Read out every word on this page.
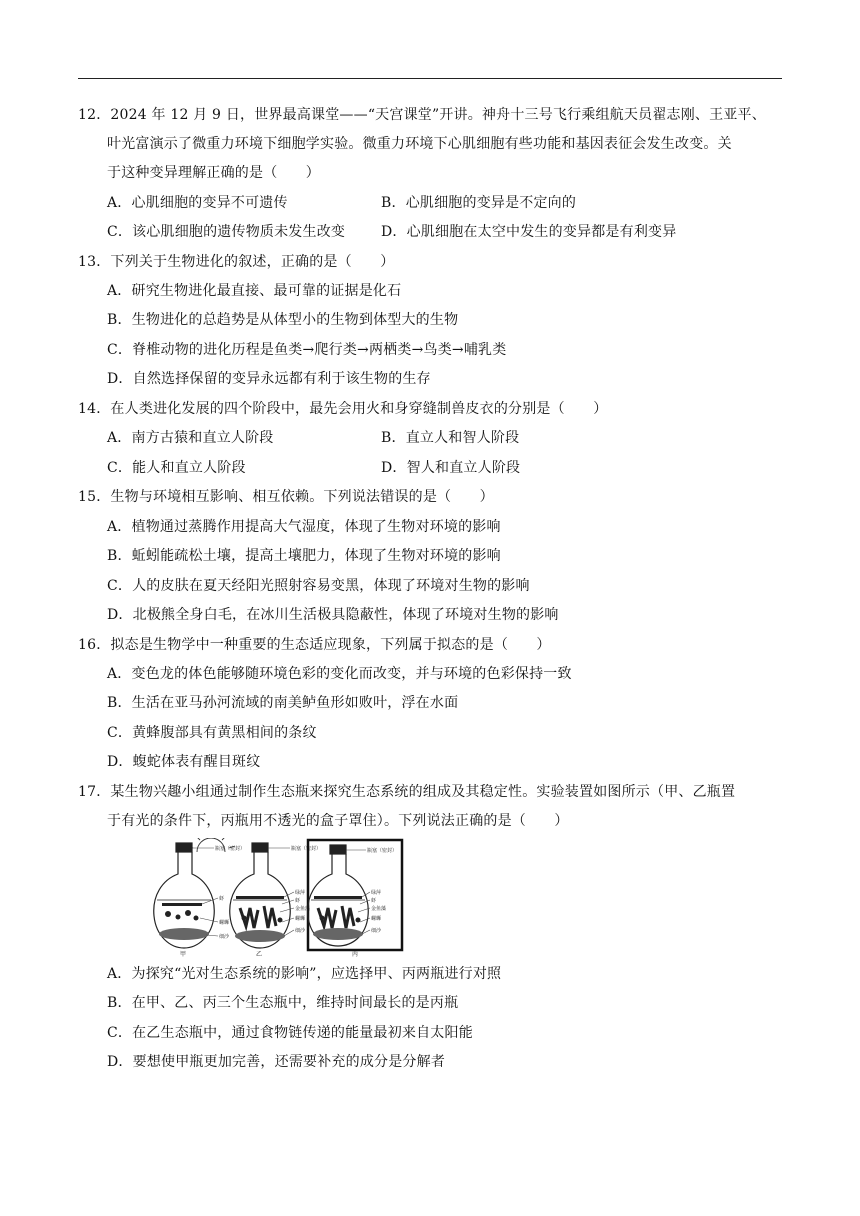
12．2024 年 12 月 9 日，世界最高课堂——“天宫课堂”开讲。神舟十三号飞行乘组航天员翟志刚、王亚平、
叶光富演示了微重力环境下细胞学实验。微重力环境下心肌细胞有些功能和基因表征会发生改变。关
于这种变异理解正确的是（　　）
A．心肌细胞的变异不可遗传	B．心肌细胞的变异是不定向的
C．该心肌细胞的遗传物质未发生改变	D．心肌细胞在太空中发生的变异都是有利变异
13．下列关于生物进化的叙述，正确的是（　　）
A．研究生物进化最直接、最可靠的证据是化石
B．生物进化的总趋势是从体型小的生物到体型大的生物
C．脊椎动物的进化历程是鱼类→爬行类→两栖类→鸟类→哺乳类
D．自然选择保留的变异永远都有利于该生物的生存
14．在人类进化发展的四个阶段中，最先会用火和身穿缝制兽皮衣的分别是（　　）
A．南方古猿和直立人阶段	B．直立人和智人阶段
C．能人和直立人阶段	D．智人和直立人阶段
15．生物与环境相互影响、相互依赖。下列说法错误的是（　　）
A．植物通过蒸腾作用提高大气湿度，体现了生物对环境的影响
B．蚯蚓能疏松土壤，提高土壤肥力，体现了生物对环境的影响
C．人的皮肤在夏天经阳光照射容易变黑，体现了环境对生物的影响
D．北极熊全身白毛，在冰川生活极具隐蔽性，体现了环境对生物的影响
16．拟态是生物学中一种重要的生态适应现象，下列属于拟态的是（　　）
A．变色龙的体色能够随环境色彩的变化而改变，并与环境的色彩保持一致
B．生活在亚马孙河流域的南美鲈鱼形如败叶，浮在水面
C．黄蜂腹部具有黄黑相间的条纹
D．蝮蛇体表有醒目斑纹
17．某生物兴趣小组通过制作生态瓶来探究生态系统的组成及其稳定性。实验装置如图所示（甲、乙瓶置
于有光的条件下，丙瓶用不透光的盒子罩住）。下列说法正确的是（　　）
瓶塞（密封）
虾
螺蛳
细沙
甲
瓶塞（密封）
绿萍
虾
金鱼藻
螺蛳
细沙
乙
瓶塞（密封）
绿萍
虾
金鱼藻
螺蛳
细沙
丙
A．为探究“光对生态系统的影响”，应选择甲、丙两瓶进行对照
B．在甲、乙、丙三个生态瓶中，维持时间最长的是丙瓶
C．在乙生态瓶中，通过食物链传递的能量最初来自太阳能
D．要想使甲瓶更加完善，还需要补充的成分是分解者
